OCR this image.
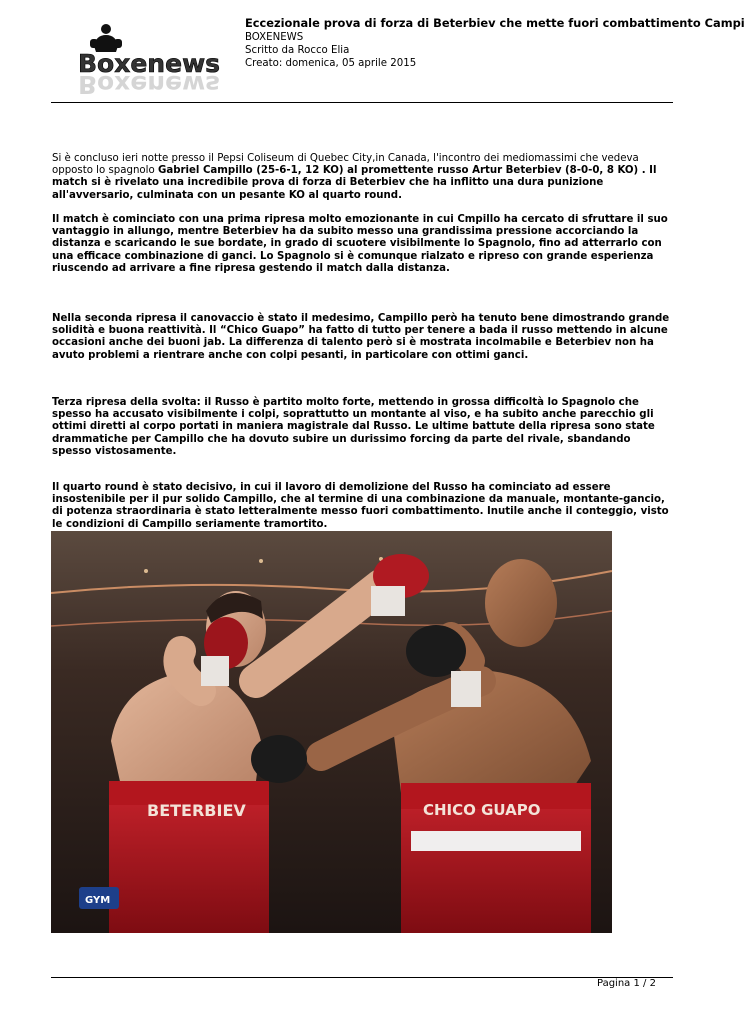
Boxenews
Boxenews
Eccezionale prova di forza di Beterbiev che mette fuori combattimento Campi
BOXENEWS
Scritto da Rocco Elia
Creato: domenica, 05 aprile 2015
Si è concluso ieri notte presso il Pepsi Coliseum di Quebec City,in Canada, l'incontro dei mediomassimi che vedeva opposto lo spagnolo Gabriel Campillo (25-6-1, 12 KO) al promettente russo Artur Beterbiev (8-0-0, 8 KO) . Il match si è rivelato una incredibile prova di forza di Beterbiev che ha inflitto una dura punizione all'avversario, culminata con un pesante KO al quarto round.
Il match è cominciato con una prima ripresa molto emozionante in cui Cmpillo ha cercato di sfruttare il suo vantaggio in allungo, mentre Beterbiev ha da subito messo una grandissima pressione accorciando la distanza e scaricando le sue bordate, in grado di scuotere visibilmente lo Spagnolo, fino ad atterrarlo con una efficace combinazione di ganci. Lo Spagnolo si è comunque rialzato e ripreso con grande esperienza riuscendo ad arrivare a fine ripresa gestendo il match dalla distanza.
Nella seconda ripresa il canovaccio è stato il medesimo, Campillo però ha tenuto bene dimostrando grande solidità e buona reattività. Il “Chico Guapo” ha fatto di tutto per tenere a bada il russo mettendo in alcune occasioni anche dei buoni jab. La differenza di talento però si è mostrata incolmabile e Beterbiev non ha avuto problemi a rientrare anche con colpi pesanti, in particolare con ottimi ganci.
Terza ripresa della svolta: il Russo è partito molto forte, mettendo in grossa difficoltà lo Spagnolo che spesso ha accusato visibilmente i colpi, soprattutto un montante al viso, e ha subito anche parecchio gli ottimi diretti al corpo portati in maniera magistrale dal Russo. Le ultime battute della ripresa sono state drammatiche per Campillo che ha dovuto subire un durissimo forcing da parte del rivale, sbandando spesso vistosamente.
Il quarto round è stato decisivo, in cui il lavoro di demolizione del Russo ha cominciato ad essere insostenibile per il pur solido Campillo, che al termine di una combinazione da manuale, montante-gancio, di potenza straordinaria è stato letteralmente messo fuori combattimento. Inutile anche il conteggio, visto le condizioni di Campillo seriamente tramortito.
BETERBIEV
GYM
CHICO GUAPO
Pagina 1 / 2
